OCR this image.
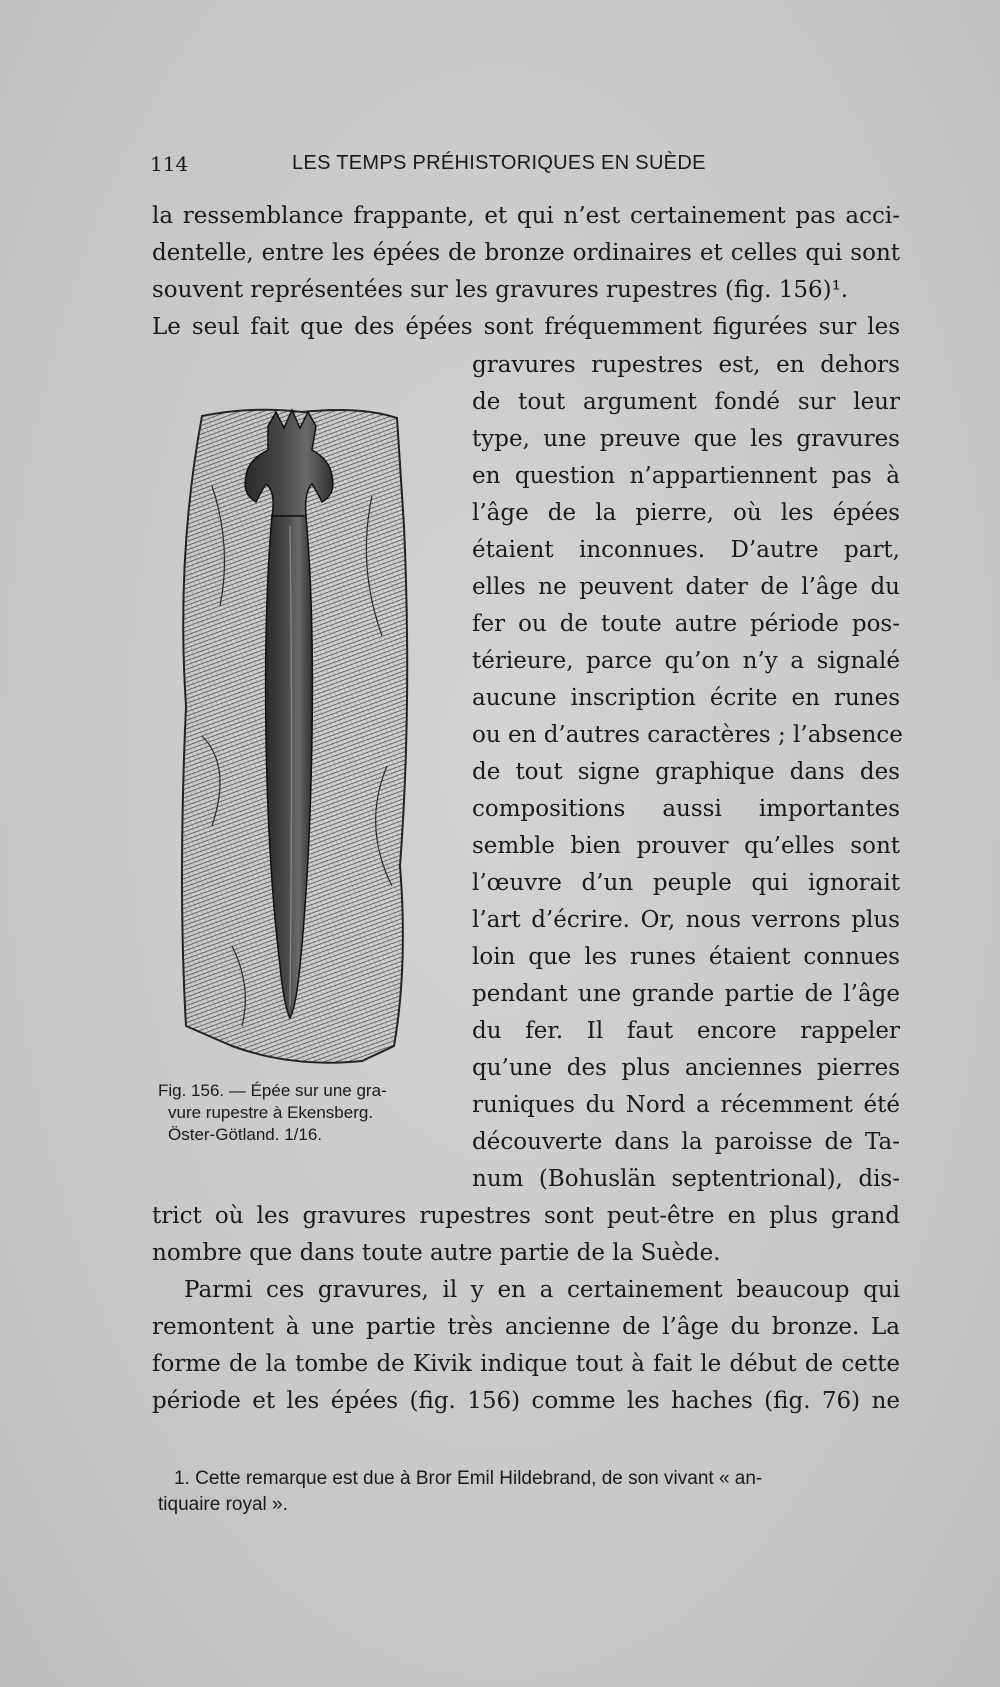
114	LES TEMPS PRÉHISTORIQUES EN SUÈDE
la ressemblance frappante, et qui n’est certainement pas acci-
dentelle, entre les épées de bronze ordinaires et celles qui sont
souvent représentées sur les gravures rupestres (fig. 156)¹.
Le seul fait que des épées sont fréquemment figurées sur les
gravures rupestres est, en dehors
de tout argument fondé sur leur
type, une preuve que les gravures
en question n’appartiennent pas à
l’âge de la pierre, où les épées
étaient inconnues. D’autre part,
elles ne peuvent dater de l’âge du
fer ou de toute autre période pos-
térieure, parce qu’on n’y a signalé
aucune inscription écrite en runes
ou en d’autres caractères ; l’absence
de tout signe graphique dans des
compositions aussi importantes
semble bien prouver qu’elles sont
l’œuvre d’un peuple qui ignorait
l’art d’écrire. Or, nous verrons plus
loin que les runes étaient connues
pendant une grande partie de l’âge
du fer. Il faut encore rappeler
qu’une des plus anciennes pierres
runiques du Nord a récemment été
découverte dans la paroisse de Ta-
num (Bohuslän septentrional), dis-
trict où les gravures rupestres sont peut-être en plus grand
nombre que dans toute autre partie de la Suède.
Parmi ces gravures, il y en a certainement beaucoup qui
remontent à une partie très ancienne de l’âge du bronze. La
forme de la tombe de Kivik indique tout à fait le début de cette
période et les épées (fig. 156) comme les haches (fig. 76) ne
Fig. 156. — Épée sur une gra-
vure rupestre à Ekensberg.
Öster-Götland. 1/16.
1. Cette remarque est due à Bror Emil Hildebrand, de son vivant « an-
tiquaire royal ».
